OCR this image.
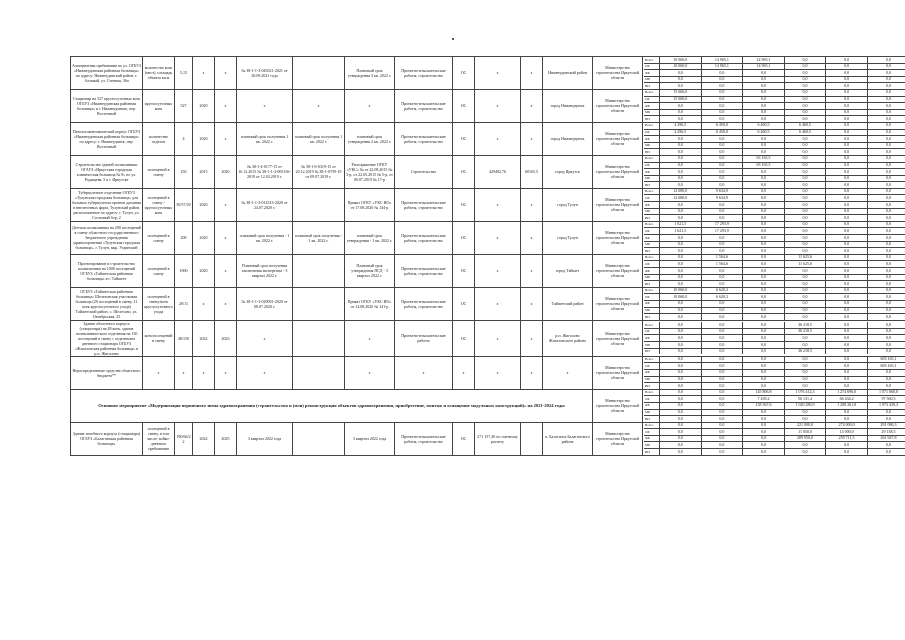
Альтернатива пребывания по ул. ОГБУЗ «Нижнеудинская районная больница» по адресу: Нижнеудинский район, г. Алзамай, ул. Степная, 36а	количество коек (мест), площадь объекта кв.м	5,15	х	х	№ 38-1-1-3-045021-2021 от 20.09.2021 года		Плановый срок утверждения 3 кв. 2022 г.	Проектно-изыскательские работы, строительство	ОС	х	х	Нижнеудинский район	Министерство строительства Иркутской области	
Всего	10 060,0	14 965,1	14 965,1	0,0	0,0	0,0
ОБ	10 060,0	14 965,1	14 965,1	0,0	0,0	0,0
ФБ	0,0	0,0	0,0	0,0	0,0	0,0
МБ	0,0	0,0	0,0	0,0	0,0	0,0
ВИ	0,0	0,0	0,0	0,0	0,0	0,0

Стационар на 527 круглосуточных коек ОГБУЗ «Нижнеудинская районная больница» в г. Нижнеудинске, пер. Восточный	круглосуточных коек	527	2020	х	х	х	х	Проектно-изыскательские работы, строительство	ОС	х	х	город Нижнеудинск	Министерство строительства Иркутской области	
Всего	15 660,0	0,0	0,0	0,0	0,0	0,0
ОБ	15 660,0	0,0	0,0	0,0	0,0	0,0
ФБ	0,0	0,0	0,0	0,0	0,0	0,0
МБ	0,0	0,0	0,0	0,0	0,0	0,0
ВИ	0,0	0,0	0,0	0,0	0,0	0,0

Патологоанатомический корпус ОГБУЗ «Нижнеудинская районная больница» по адресу: г. Нижнеудинск, пер. Восточный	количество отделов	4	2020	х	плановый срок получения 1 кв. 2022 г.	плановый срок получения 1 кв. 2022 г.	плановый срок утверждения 2 кв. 2022 г.	Проектно-изыскательские работы, строительство	ОС	х	х	город Нижнеудинск	Министерство строительства Иркутской области	
Всего	4 296,5	6 450,0	6 460,5	6 460,5	0,0	0,0
ОБ	4 296,5	6 450,0	6 460,5	6 460,5	0,0	0,0
ФБ	0,0	0,0	0,0	0,0	0,0	0,0
МБ	0,0	0,0	0,0	0,0	0,0	0,0
ВИ	0,0	0,0	0,0	0,0	0,0	0,0

Строительство зданий поликлиники ОГАУЗ «Иркутская городская клиническая больница № 9» по ул. Радищева, 5 в г. Иркутске	посещений в смену	250	2015	2020	№ 38-1-4-0177-15 от 16.12.2015 № 38-1-1-2-005156-2019 от 12.03.2019 г.	№ 38-1-6-0319-15 от 20.12.2019 № 38-1-0759-19 от 09.07.2019 г.	Распоряжение ОГКУ «УКС» № от 22.08.2015 № 3-р, от 22.05.2015 № 5-р, от 09.07.2019 № 17-р	Строительство	ОС	429482,76	60165,5	город Иркутск	Министерство строительства Иркутской области	
Всего	0,0	0,0	63 165,5	0,0	0,0	0,0
ОБ	0,0	0,0	63 165,5	0,0	0,0	0,0
ФБ	0,0	0,0	0,0	0,0	0,0	0,0
МБ	0,0	0,0	0,0	0,0	0,0	0,0
ВИ	0,0	0,0	0,0	0,0	0,0	0,0

Туберкулезное отделение ОГБУЗ «Тулунская городская больница» для больных туберкулезом органов дыхания и внелегочных форм, Тулунский район, расположенное по адресу: г. Тулун, ул. Сосновый бор, 2	посещений в смену / круглосуточных коек	30/57/20	2020	х	№ 38-1-1-3-014313-2020 от 24.07.2020 г.		Приказ ОГКУ «УКС ИО» от 17.08.2020 № 134-р	Проектно-изыскательские работы, строительство	ОС	х	х	город Тулун	Министерство строительства Иркутской области	
Всего	12 080,0	9 634,9	0,0	0,0	0,0	0,0
ОБ	12 080,0	9 634,9	0,0	0,0	0,0	0,0
ФБ	0,0	0,0	0,0	0,0	0,0	0,0
МБ	0,0	0,0	0,0	0,0	0,0	0,0
ВИ	0,0	0,0	0,0	0,0	0,0	0,0

Детская поликлиника на 200 посещений в смену областного государственного бюджетного учреждения здравоохранения «Тулунская городская больница», г. Тулун, мкр. Угдинский	посещений в смену	200	2020	х	плановый срок получения - 1 кв. 2022 г.	плановый срок получения - 1 кв. 2022 г.	плановый срок утверждения - 1 кв. 2022 г.	Проектно-изыскательские работы, строительство	ОС	х	х	город Тулун	Министерство строительства Иркутской области	
Всего	1 621,5	17 293,9	0,0	0,0	0,0	0,0
ОБ	1 621,5	17 293,9	0,0	0,0	0,0	0,0
ФБ	0,0	0,0	0,0	0,0	0,0	0,0
МБ	0,0	0,0	0,0	0,0	0,0	0,0
ВИ	0,0	0,0	0,0	0,0	0,0	0,0

Проектирование и строительство поликлиники на 1000 посещений ОГБУЗ «Тайшетская районная больница» в г. Тайшете	посещений в смену	1000	2020	х	Плановый срок получения заключения экспертизы - 3 квартал 2022 г.		Плановый срок утверждения ПСД - 3 квартал 2022 г.	Проектно-изыскательские работы, строительство	ОС	х	х	город Тайшет	Министерство строительства Иркутской области	
Всего	0,0	1 564,6	0,0	11 625,6	0,0	0,0
ОБ	0,0	1 564,6	0,0	11 625,6	0,0	0,0
ФБ	0,0	0,0	0,0	0,0	0,0	0,0
МБ	0,0	0,0	0,0	0,0	0,0	0,0
ВИ	0,0	0,0	0,0	0,0	0,0	0,0

ОГБУЗ «Тайшетская районная больница» Шелеховская участковая больница (20 посещений в смену, 11 коек круглосуточного ухода) Тайшетский район, с. Шелехово, ул. Октябрьская, 25	посещений в смену/коек круглосуточного ухода	20/11	х	х	№ 38-1-1-3-029091-2020 от 08.07.2020 г.		Приказ ОГКУ «УКС ИО» от 14.08.2020 № 141-р	Проектно-изыскательские работы, строительство	ОС	х	х	Тайшетский район	Министерство строительства Иркутской области	
Всего	10 060,0	6 620,3	0,0	0,0	0,0	0,0
ОБ	10 060,0	6 620,3	0,0	0,0	0,0	0,0
ФБ	0,0	0,0	0,0	0,0	0,0	0,0
МБ	0,0	0,0	0,0	0,0	0,0	0,0
ВИ	0,0	0,0	0,0	0,0	0,0	0,0

Здание областного корпуса (стационара) на 48 коек, здание поликлинического отделения на 150 посещений в смену с отделением дневного стационара ОГБУЗ «Жигаловская районная больница» в р.п. Жигалово	коек/посещений в смену	48/150	2022	2023	х		х	Проектно-изыскательские работы	ОС	х	х	р.п. Жигалово Жигаловского района	Министерство строительства Иркутской области	
Всего	0,0	0,0	0,0	36 218,5	0,0	0,0
ОБ	0,0	0,0	0,0	36 218,5	0,0	0,0
ФБ	0,0	0,0	0,0	0,0	0,0	0,0
МБ	0,0	0,0	0,0	0,0	0,0	0,0
ВИ	0,0	0,0	0,0	36 218,5	0,0	0,0

Нераспределенные средства областного бюджета**	х	х	х	х	х		х	х	х	х	х	х	Министерство строительства Иркутской области	
Всего	0,0	0,0	0,0	0,0	0,0	603 165,1
ОБ	0,0	0,0	0,0	0,0	0,0	603 165,1
ФБ	0,0	0,0	0,0	0,0	0,0	0,0
МБ	0,0	0,0	0,0	0,0	0,0	0,0
ВИ	0,0	0,0	0,0	0,0	0,0	0,0

Основное мероприятие «Модернизация первичного звена здравоохранения (строительство и (или) реконструкция объектов здравоохранения, приобретение, монтаж и оснащение модульных конструкций)» на 2021-2024 годы	Министерство строительства Иркутской области	
Всего	0,0	0,0	145 806,8	1 076 412,3	1 274 696,0	1 071 060,8
ОБ	0,0	0,0	7 439,2	56 131,4	66 434,2	97 560,5
ФБ	0,0	0,0	138 367,6	1 020 280,9	1 208 261,8	1 973 439,3
МБ	0,0	0,0	0,0	0,0	0,0	0,0
ВИ	0,0	0,0	0,0	0,0	0,0	0,0

Здание лечебного корпуса (стационара) ОГБУЗ «Балаганская районная больница»	посещений в смену, в том числе: койко-дневного пребывания	190/66/22	2022	2025	3 квартал 2022 года		3 квартал 2022 года	Проектно-изыскательские работы, строительство	ОС	271 157,40 по сметному расчету		п. Балаганск Балаганского района	Министерство строительства Иркутской области	
Всего	0,0	0,0	0,0	221 000,0	274 000,0	291 086,3
ОБ	0,0	0,0	0,0	11 050,0	14 000,0	29 138,5
ФБ	0,0	0,0	0,0	209 950,0	259 711,5	261 947,8
МБ	0,0	0,0	0,0	0,0	0,0	0,0
ВИ	0,0	0,0	0,0	0,0	0,0	0,0
